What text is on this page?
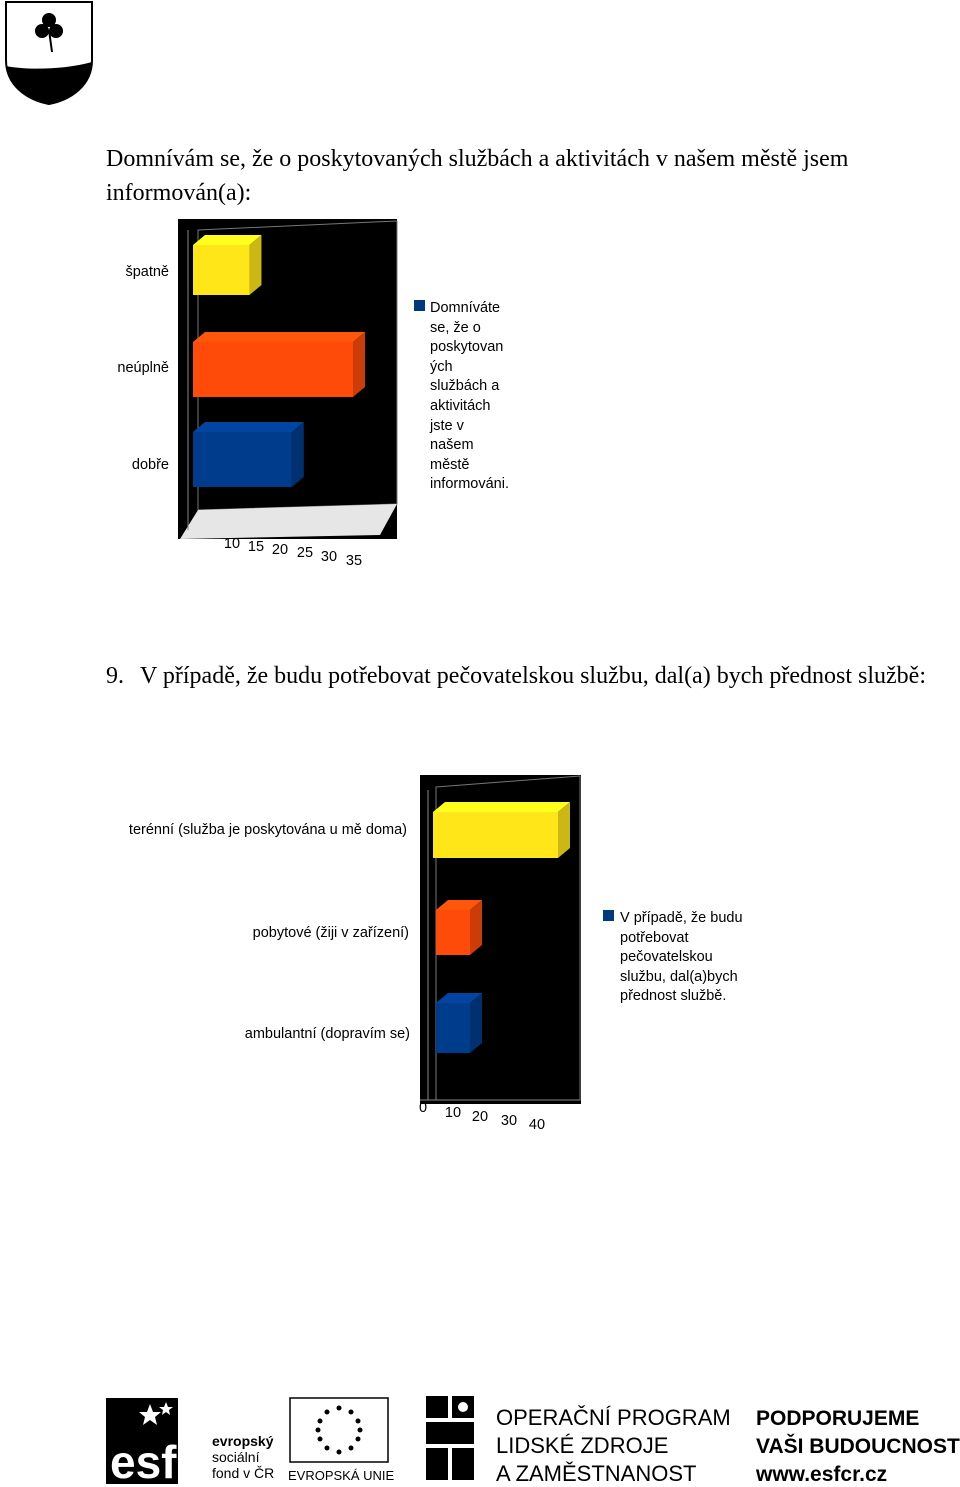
Domnívám se, že o poskytovaných službách a aktivitách v našem městě jsem informován(a):
špatně
neúplně
dobře
10 15 20 25 30 35
Domníváte
se, že o
poskytovan
ých
službách a
aktivitách
jste v
našem
městě
informováni.
9. V případě, že budu potřebovat pečovatelskou službu, dal(a) bych přednost službě:
terénní (služba je poskytována u mě doma)
pobytové (žiji v zařízení)
ambulantní (dopravím se)
0 10 20 30 40
V případě, že budu
potřebovat
pečovatelskou
službu, dal(a)bych
přednost službě.
esf	evropský
sociální
fond v ČR EVROPSKÁ UNIE
OPERAČNÍ PROGRAM
LIDSKÉ ZDROJE
A ZAMĚSTNANOST
PODPORUJEME
VAŠI BUDOUCNOST
www.esfcr.cz
